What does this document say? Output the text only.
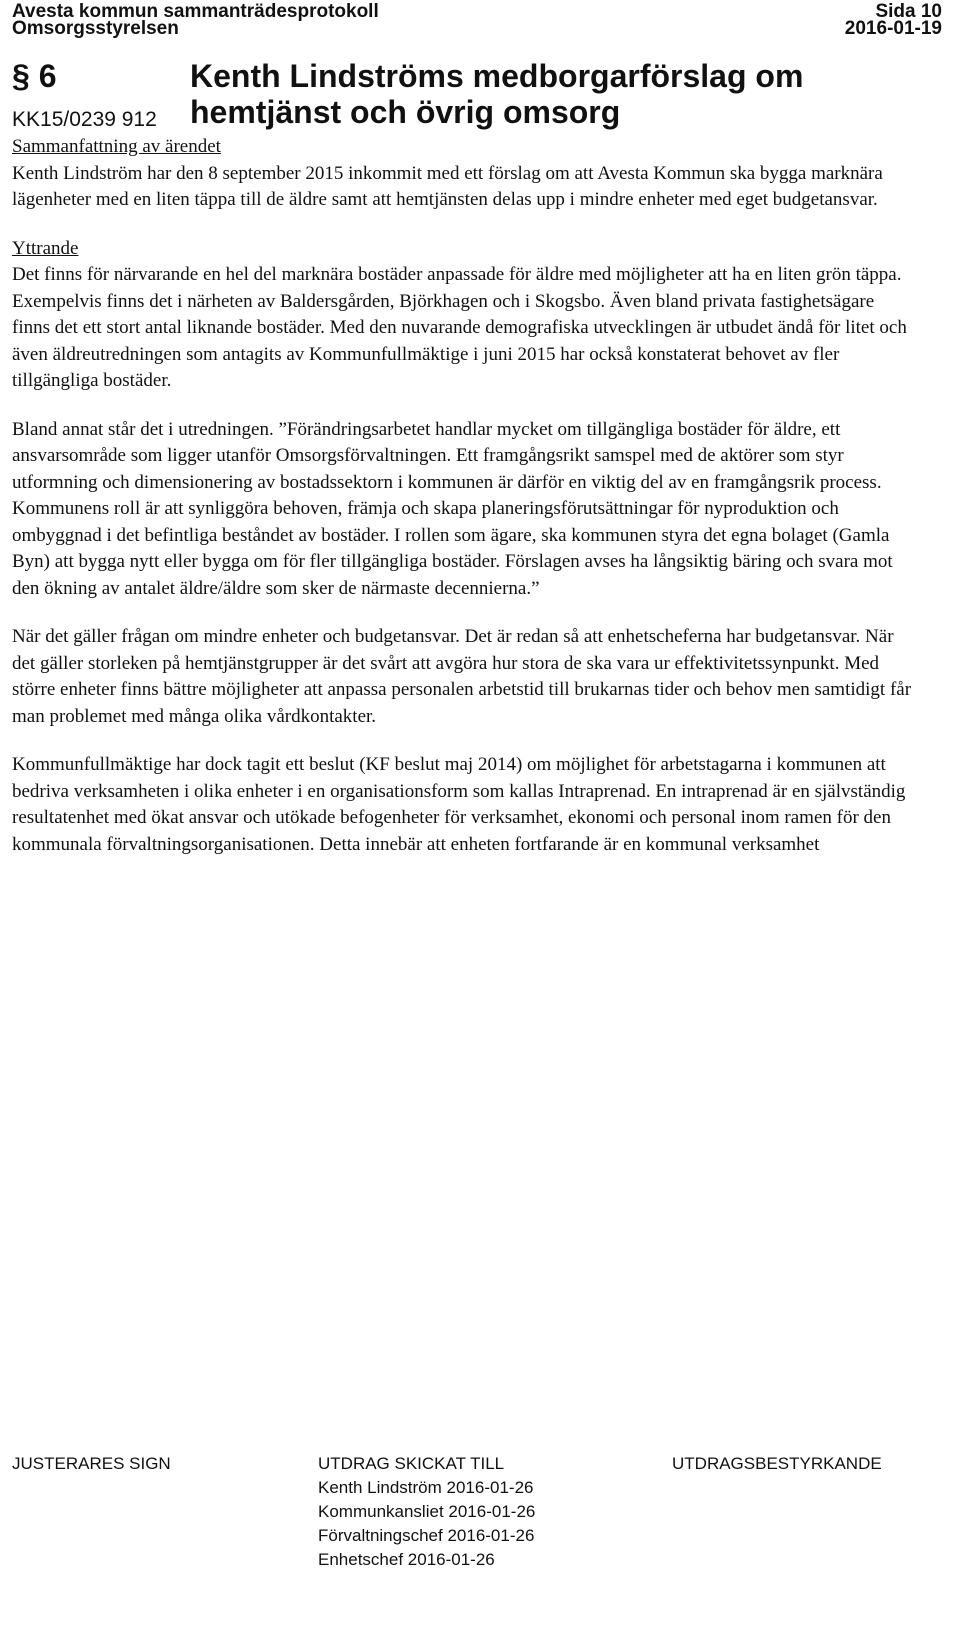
Avesta kommun sammanträdesprotokoll	Sida 10
Omsorgsstyrelsen	2016-01-19
§ 6	Kenth Lindströms medborgarförslag om
hemtjänst och övrig omsorg
KK15/0239 912

Sammanfattning av ärendet

Kenth Lindström har den 8 september 2015 inkommit med ett förslag om att Avesta Kommun ska bygga marknära lägenheter med en liten täppa till de äldre samt att hemtjänsten delas upp i mindre enheter med eget budgetansvar.

Yttrande

Det finns för närvarande en hel del marknära bostäder anpassade för äldre med möjligheter att ha en liten grön täppa. Exempelvis finns det i närheten av Baldersgården, Björkhagen och i Skogsbo. Även bland privata fastighetsägare finns det ett stort antal liknande bostäder. Med den nuvarande demografiska utvecklingen är utbudet ändå för litet och även äldreutredningen som antagits av Kommunfullmäktige i juni 2015 har också konstaterat behovet av fler tillgängliga bostäder.

Bland annat står det i utredningen. ”Förändringsarbetet handlar mycket om tillgängliga bostäder för äldre, ett ansvarsområde som ligger utanför Omsorgsförvaltningen. Ett framgångsrikt samspel med de aktörer som styr utformning och dimensionering av bostadssektorn i kommunen är därför en viktig del av en framgångsrik process. Kommunens roll är att synliggöra behoven, främja och skapa planeringsförutsättningar för nyproduktion och ombyggnad i det befintliga beståndet av bostäder. I rollen som ägare, ska kommunen styra det egna bolaget (Gamla Byn) att bygga nytt eller bygga om för fler tillgängliga bostäder. Förslagen avses ha långsiktig bäring och svara mot den ökning av antalet äldre/äldre som sker de närmaste decennierna.”

När det gäller frågan om mindre enheter och budgetansvar. Det är redan så att enhetscheferna har budgetansvar. När det gäller storleken på hemtjänstgrupper är det svårt att avgöra hur stora de ska vara ur effektivitetssynpunkt. Med större enheter finns bättre möjligheter att anpassa personalen arbetstid till brukarnas tider och behov men samtidigt får man problemet med många olika vårdkontakter.

Kommunfullmäktige har dock tagit ett beslut (KF beslut maj 2014) om möjlighet för arbetstagarna i kommunen att bedriva verksamheten i olika enheter i en organisationsform som kallas Intraprenad. En intraprenad är en självständig resultatenhet med ökat ansvar och utökade befogenheter för verksamhet, ekonomi och personal inom ramen för den kommunala förvaltningsorganisationen. Detta innebär att enheten fortfarande är en kommunal verksamhet

JUSTERARES SIGN	UTDRAG SKICKAT TILL
Kenth Lindström 2016-01-26
Kommunkansliet 2016-01-26
Förvaltningschef 2016-01-26
Enhetschef 2016-01-26
UTDRAGSBESTYRKANDE
